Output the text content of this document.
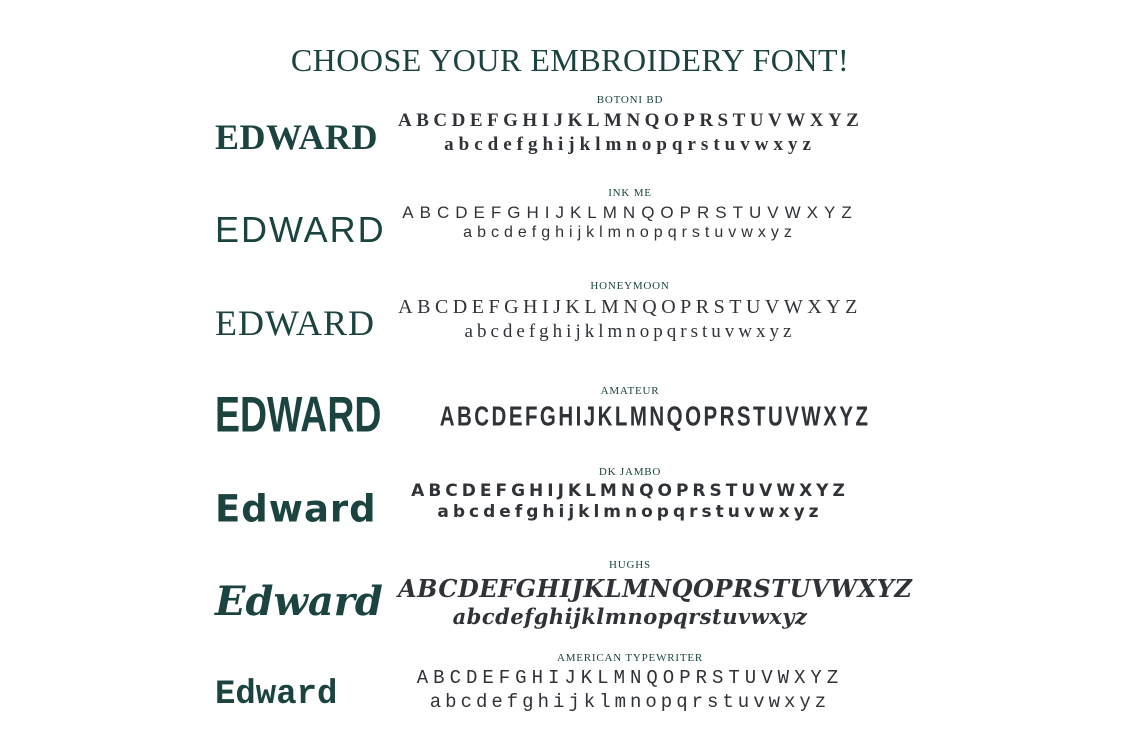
CHOOSE YOUR EMBROIDERY FONT!
EDWARD
BOTONI BD
ABCDEFGHIJKLMNQOPRSTUVWXYZ
abcdefghijklmnopqrstuvwxyz
EDWARD
INK ME
ABCDEFGHIJKLMNQOPRSTUVWXYZ
abcdefghijklmnopqrstuvwxyz
EDWARD
HONEYMOON
ABCDEFGHIJKLMNQOPRSTUVWXYZ
abcdefghijklmnopqrstuvwxyz
EDWARD	AMATEUR
ABCDEFGHIJKLMNQOPRSTUVWXYZ
Edward
DK JAMBO
ABCDEFGHIJKLMNQOPRSTUVWXYZ
abcdefghijklmnopqrstuvwxyz
Edward
HUGHS
ABCDEFGHIJKLMNQOPRSTUVWXYZ
abcdefghijklmnopqrstuvwxyz
Edward
AMERICAN TYPEWRITER
ABCDEFGHIJKLMNQOPRSTUVWXYZ
abcdefghijklmnopqrstuvwxyz
